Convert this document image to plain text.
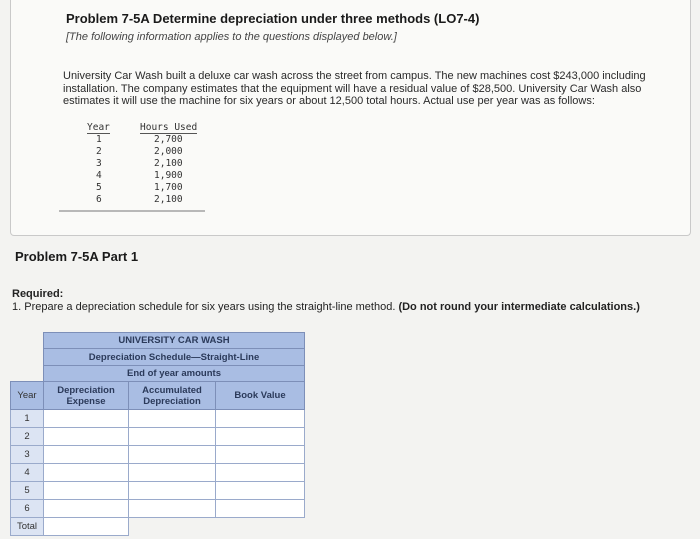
Problem 7-5A Determine depreciation under three methods (LO7-4)
[The following information applies to the questions displayed below.]
University Car Wash built a deluxe car wash across the street from campus. The new machines cost $243,000 including installation. The company estimates that the equipment will have a residual value of $28,500. University Car Wash also estimates it will use the machine for six years or about 12,500 total hours. Actual use per year was as follows:
Year	Hours Used
1	2,700
2	2,000
3	2,100
4	1,900
5	1,700
6	2,100
Problem 7-5A Part 1
Required:
1. Prepare a depreciation schedule for six years using the straight-line method. (Do not round your intermediate calculations.)
	UNIVERSITY CAR WASH		
	Depreciation Schedule—Straight-Line		
	End of year amounts		
Year	Depreciation Expense	Accumulated Depreciation	Book Value
1			
2			
3			
4			
5			
6			
Total			
